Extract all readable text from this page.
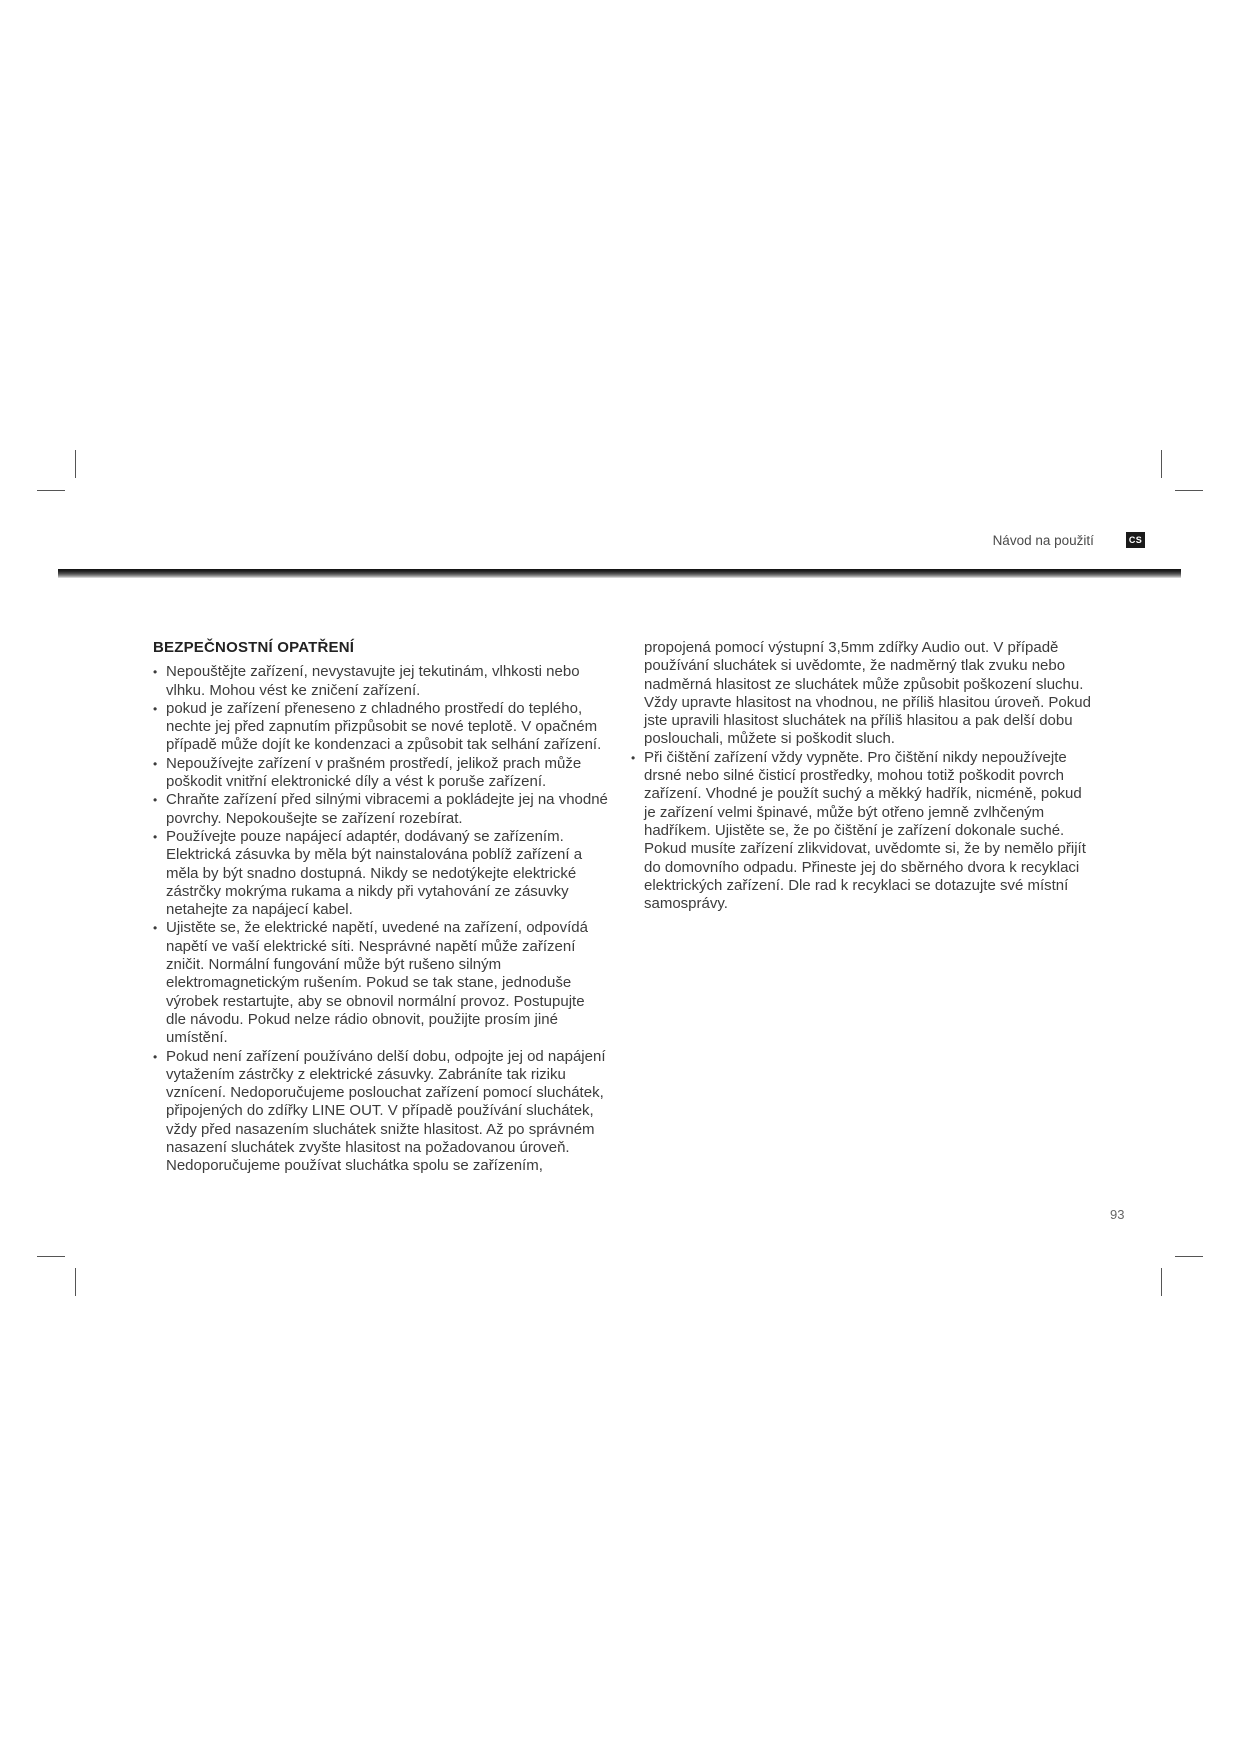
Návod na použití	CS
BEZPEČNOSTNÍ OPATŘENÍ
• Nepouštějte zařízení, nevystavujte jej tekutinám, vlhkosti nebo vlhku. Mohou vést ke zničení zařízení.
• pokud je zařízení přeneseno z chladného prostředí do teplého, nechte jej před zapnutím přizpůsobit se nové teplotě. V opačném případě může dojít ke kondenzaci a způsobit tak selhání zařízení.
• Nepoužívejte zařízení v prašném prostředí, jelikož prach může poškodit vnitřní elektronické díly a vést k poruše zařízení.
• Chraňte zařízení před silnými vibracemi a pokládejte jej na vhodné povrchy. Nepokoušejte se zařízení rozebírat.
• Používejte pouze napájecí adaptér, dodávaný se zařízením. Elektrická zásuvka by měla být nainstalována poblíž zařízení a měla by být snadno dostupná. Nikdy se nedotýkejte elektrické zástrčky mokrýma rukama a nikdy při vytahování ze zásuvky netahejte za napájecí kabel.
• Ujistěte se, že elektrické napětí, uvedené na zařízení, odpovídá napětí ve vaší elektrické síti. Nesprávné napětí může zařízení zničit. Normální fungování může být rušeno silným elektromagnetickým rušením. Pokud se tak stane, jednoduše výrobek restartujte, aby se obnovil normální provoz. Postupujte dle návodu. Pokud nelze rádio obnovit, použijte prosím jiné umístění.
• Pokud není zařízení používáno delší dobu, odpojte jej od napájení vytažením zástrčky z elektrické zásuvky. Zabráníte tak riziku vznícení. Nedoporučujeme poslouchat zařízení pomocí sluchátek, připojených do zdířky LINE OUT. V případě používání sluchátek, vždy před nasazením sluchátek snižte hlasitost. Až po správném nasazení sluchátek zvyšte hlasitost na požadovanou úroveň. Nedoporučujeme používat sluchátka spolu se zařízením,

propojená pomocí výstupní 3,5mm zdířky Audio out. V případě používání sluchátek si uvědomte, že nadměrný tlak zvuku nebo nadměrná hlasitost ze sluchátek může způsobit poškození sluchu. Vždy upravte hlasitost na vhodnou, ne příliš hlasitou úroveň. Pokud jste upravili hlasitost sluchátek na příliš hlasitou a pak delší dobu poslouchali, můžete si poškodit sluch.

• Při čištění zařízení vždy vypněte. Pro čištění nikdy nepoužívejte drsné nebo silné čisticí prostředky, mohou totiž poškodit povrch zařízení. Vhodné je použít suchý a měkký hadřík, nicméně, pokud je zařízení velmi špinavé, může být otřeno jemně zvlhčeným hadříkem. Ujistěte se, že po čištění je zařízení dokonale suché. Pokud musíte zařízení zlikvidovat, uvědomte si, že by nemělo přijít do domovního odpadu. Přineste jej do sběrného dvora k recyklaci elektrických zařízení. Dle rad k recyklaci se dotazujte své místní samosprávy.
93
